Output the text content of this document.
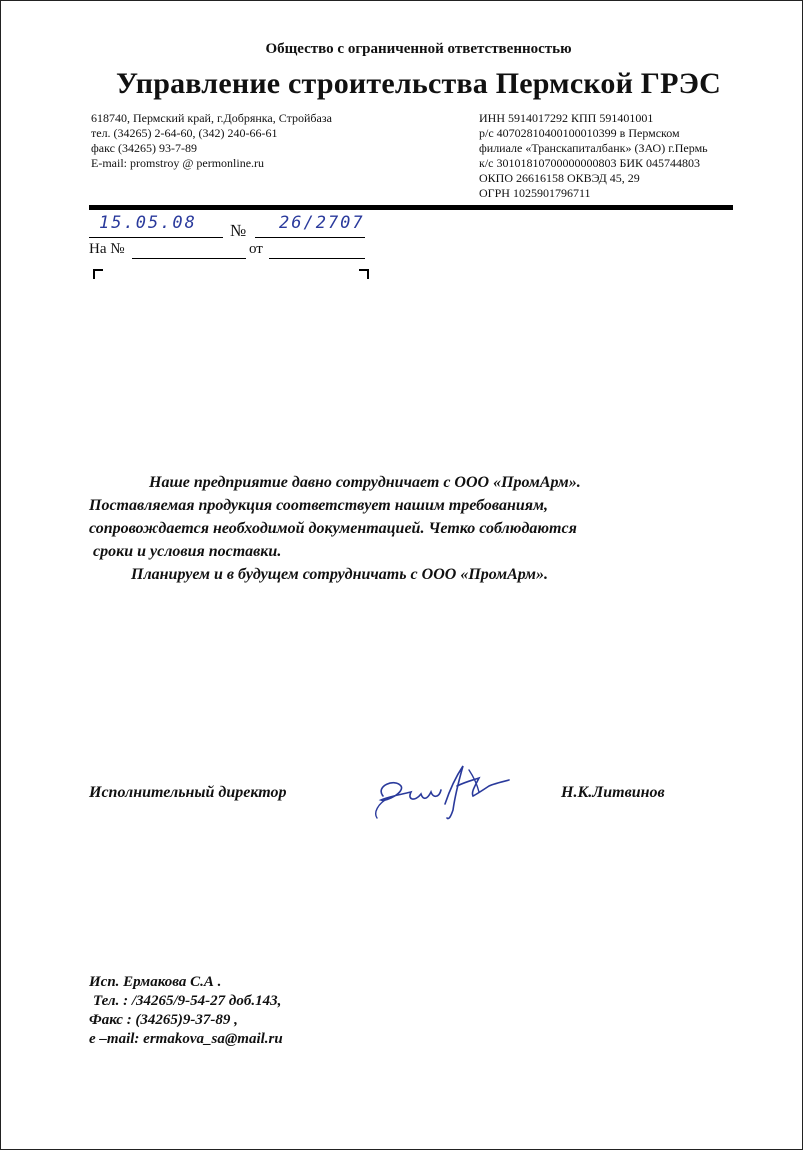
Общество с ограниченной ответственностью
Управление строительства Пермской ГРЭС
618740, Пермский край, г.Добрянка, Стройбаза
тел. (34265) 2-64-60, (342) 240-66-61
факс (34265) 93-7-89
E-mail: promstroy @ permonline.ru
ИНН 5914017292 КПП 591401001
р/с 40702810400100010399 в Пермском
филиале «Транскапиталбанк» (ЗАО) г.Пермь
к/с 30101810700000000803 БИК 045744803
ОКПО 26616158 ОКВЭД 45, 29
ОГРН 1025901796711
15.05.08 № 26/2707
На №	от

Наше предприятие давно сотрудничает с ООО «ПромАрм».

Поставляемая продукция соответствует нашим требованиям,

сопровождается необходимой документацией. Четко соблюдаются

сроки и условия поставки.

Планируем и в будущем сотрудничать с ООО «ПромАрм».

Исполнительный директор	Н.К.Литвинов
Исп. Ермакова С.А .
Тел. : /34265/9-54-27 доб.143,
Факс : (34265)9-37-89 ,
е –mail: ermakova_sa@mail.ru
